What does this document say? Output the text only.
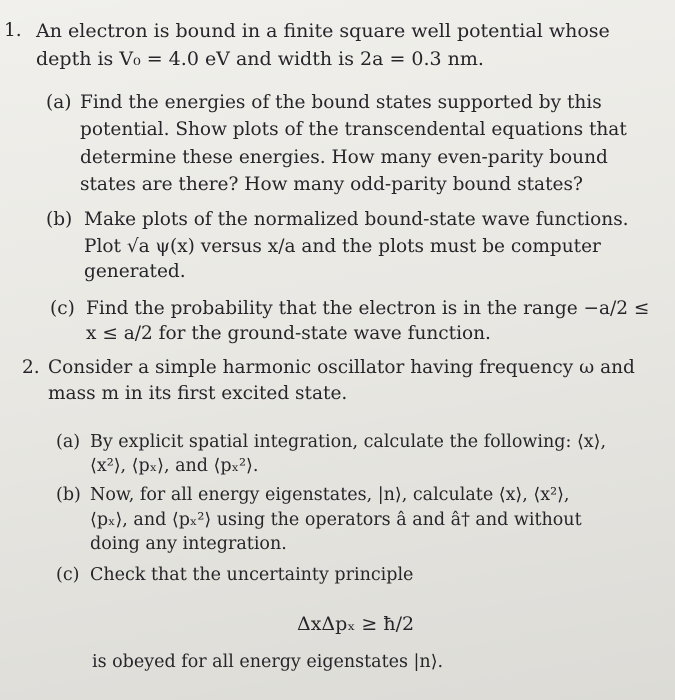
1. An electron is bound in a finite square well potential whose
depth is V₀ = 4.0 eV and width is 2a = 0.3 nm.
(a) Find the energies of the bound states supported by this
potential. Show plots of the transcendental equations that
determine these energies. How many even-parity bound
states are there? How many odd-parity bound states?
(b) Make plots of the normalized bound-state wave functions.
Plot √a ψ(x) versus x/a and the plots must be computer
generated.
(c) Find the probability that the electron is in the range −a/2 ≤
x ≤ a/2 for the ground-state wave function.
2. Consider a simple harmonic oscillator having frequency ω and
mass m in its first excited state.
(a) By explicit spatial integration, calculate the following: ⟨x⟩,
⟨x²⟩, ⟨pₓ⟩, and ⟨pₓ²⟩.
(b) Now, for all energy eigenstates, |n⟩, calculate ⟨x⟩, ⟨x²⟩,
⟨pₓ⟩, and ⟨pₓ²⟩ using the operators â and â† and without
doing any integration.
(c) Check that the uncertainty principle
ΔxΔpₓ ≥ ħ/2
is obeyed for all energy eigenstates |n⟩.
